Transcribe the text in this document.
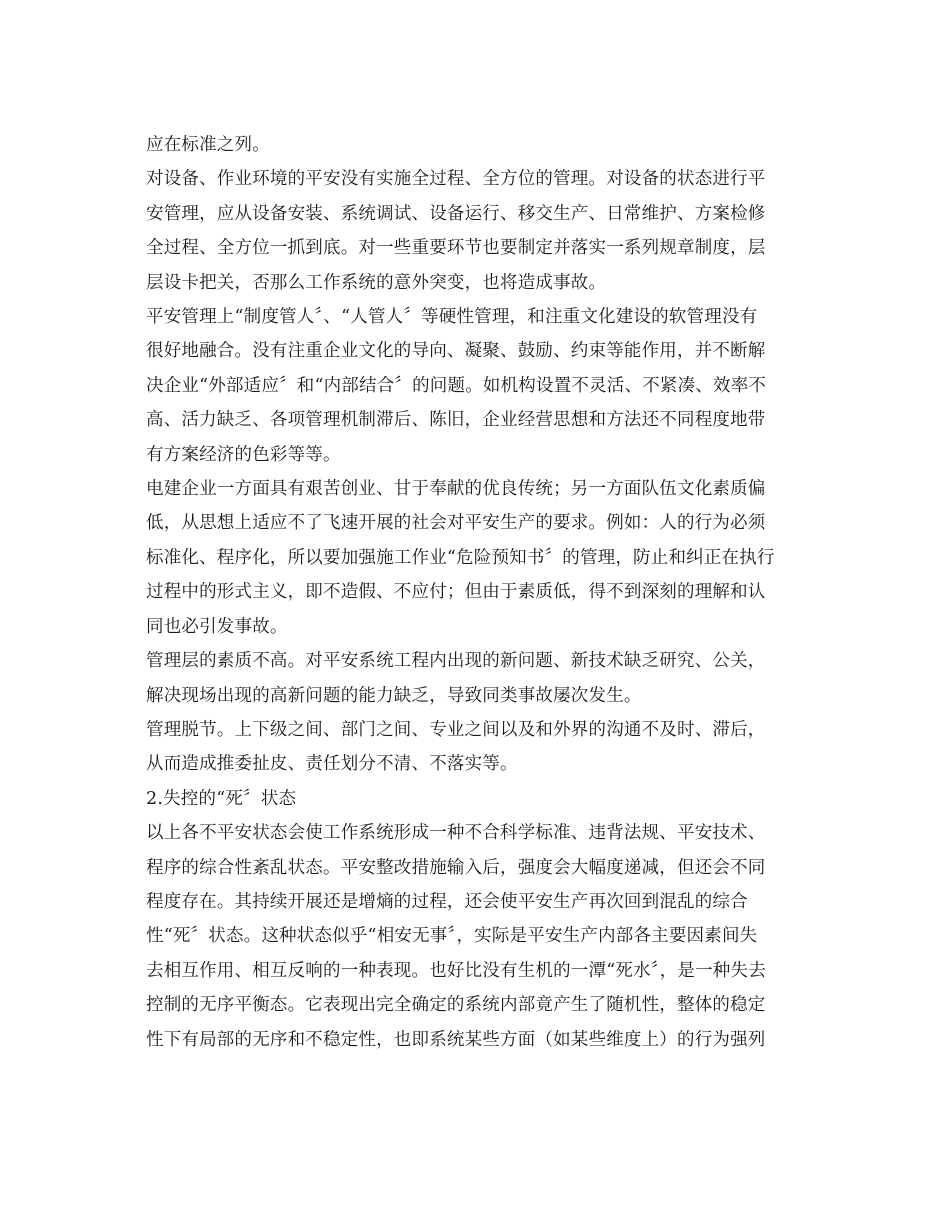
应在标准之列。
对设备、作业环境的平安没有实施全过程、全方位的管理。对设备的状态进行平
安管理，应从设备安装、系统调试、设备运行、移交生产、日常维护、方案检修
全过程、全方位一抓到底。对一些重要环节也要制定并落实一系列规章制度，层
层设卡把关，否那么工作系统的意外突变，也将造成事故。
平安管理上“制度管人〞、“人管人〞等硬性管理，和注重文化建设的软管理没有
很好地融合。没有注重企业文化的导向、凝聚、鼓励、约束等能作用，并不断解
决企业“外部适应〞和“内部结合〞的问题。如机构设置不灵活、不紧凑、效率不
高、活力缺乏、各项管理机制滞后、陈旧，企业经营思想和方法还不同程度地带
有方案经济的色彩等等。
电建企业一方面具有艰苦创业、甘于奉献的优良传统；另一方面队伍文化素质偏
低，从思想上适应不了飞速开展的社会对平安生产的要求。例如：人的行为必须
标准化、程序化，所以要加强施工作业“危险预知书〞的管理，防止和纠正在执行
过程中的形式主义，即不造假、不应付；但由于素质低，得不到深刻的理解和认
同也必引发事故。
管理层的素质不高。对平安系统工程内出现的新问题、新技术缺乏研究、公关，
解决现场出现的高新问题的能力缺乏，导致同类事故屡次发生。
管理脱节。上下级之间、部门之间、专业之间以及和外界的沟通不及时、滞后，
从而造成推委扯皮、责任划分不清、不落实等。
2.失控的“死〞状态
以上各不平安状态会使工作系统形成一种不合科学标准、违背法规、平安技术、
程序的综合性紊乱状态。平安整改措施输入后，强度会大幅度递减，但还会不同
程度存在。其持续开展还是增熵的过程，还会使平安生产再次回到混乱的综合
性“死〞状态。这种状态似乎“相安无事〞，实际是平安生产内部各主要因素间失
去相互作用、相互反响的一种表现。也好比没有生机的一潭“死水〞，是一种失去
控制的无序平衡态。它表现出完全确定的系统内部竟产生了随机性，整体的稳定
性下有局部的无序和不稳定性，也即系统某些方面（如某些维度上）的行为强列
